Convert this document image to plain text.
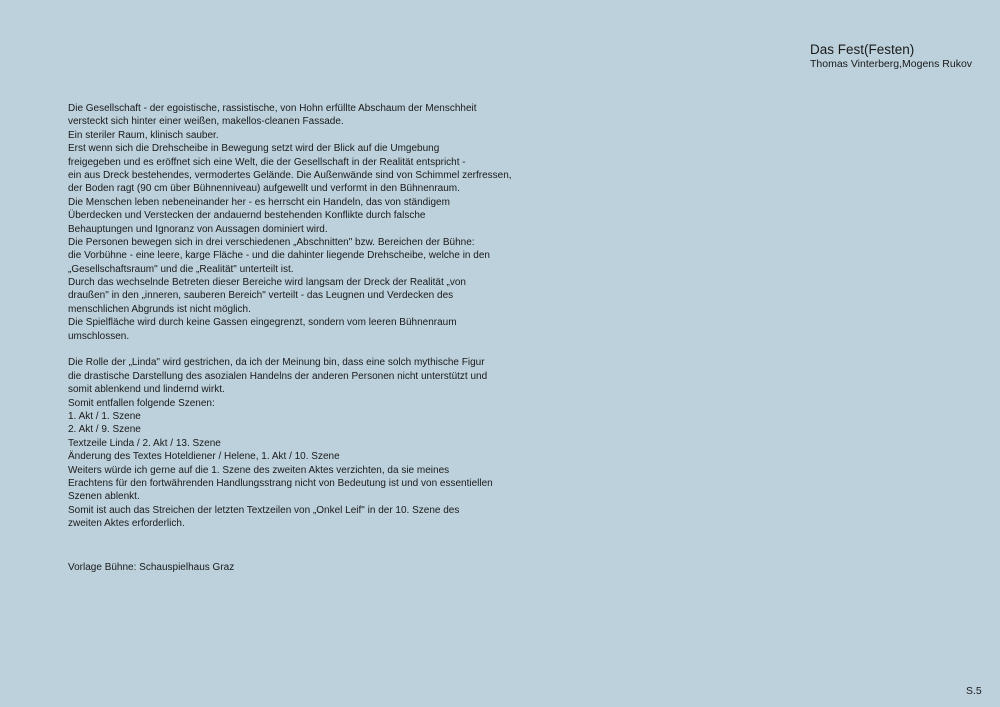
Das Fest(Festen)
Thomas Vinterberg,Mogens Rukov
Die Gesellschaft - der egoistische, rassistische, von Hohn erfüllte Abschaum der Menschheit
versteckt sich hinter einer weißen, makellos-cleanen Fassade.
Ein steriler Raum, klinisch sauber.
Erst wenn sich die Drehscheibe in Bewegung setzt wird der Blick auf die Umgebung
freigegeben und es eröffnet sich eine Welt, die der Gesellschaft in der Realität entspricht -
ein aus Dreck bestehendes, vermodertes Gelände. Die Außenwände sind von Schimmel zerfressen,
der Boden ragt (90 cm über Bühnenniveau) aufgewellt und verformt in den Bühnenraum.
Die Menschen leben nebeneinander her - es herrscht ein Handeln, das von ständigem
Überdecken und Verstecken der andauernd bestehenden Konflikte durch falsche
Behauptungen und Ignoranz von Aussagen dominiert wird.
Die Personen bewegen sich in drei verschiedenen „Abschnitten" bzw. Bereichen der Bühne:
die Vorbühne - eine leere, karge Fläche - und die dahinter liegende Drehscheibe, welche in den
„Gesellschaftsraum" und die „Realität" unterteilt ist.
Durch das wechselnde Betreten dieser Bereiche wird langsam der Dreck der Realität „von
draußen" in den „inneren, sauberen Bereich" verteilt - das Leugnen und Verdecken des
menschlichen Abgrunds ist nicht möglich.
Die Spielfläche wird durch keine Gassen eingegrenzt, sondern vom leeren Bühnenraum
umschlossen.
Die Rolle der „Linda" wird gestrichen, da ich der Meinung bin, dass eine solch mythische Figur
die drastische Darstellung des asozialen Handelns der anderen Personen nicht unterstützt und
somit ablenkend und lindernd wirkt.
Somit entfallen folgende Szenen:
1. Akt / 1. Szene
2. Akt / 9. Szene
Textzeile Linda / 2. Akt / 13. Szene
Änderung des Textes Hoteldiener / Helene, 1. Akt / 10. Szene
Weiters würde ich gerne auf die 1. Szene des zweiten Aktes verzichten, da sie meines
Erachtens für den fortwährenden Handlungsstrang nicht von Bedeutung ist und von essentiellen
Szenen ablenkt.
Somit ist auch das Streichen der letzten Textzeilen von „Onkel Leif" in der 10. Szene des
zweiten Aktes erforderlich.
Vorlage Bühne: Schauspielhaus Graz
S.5
